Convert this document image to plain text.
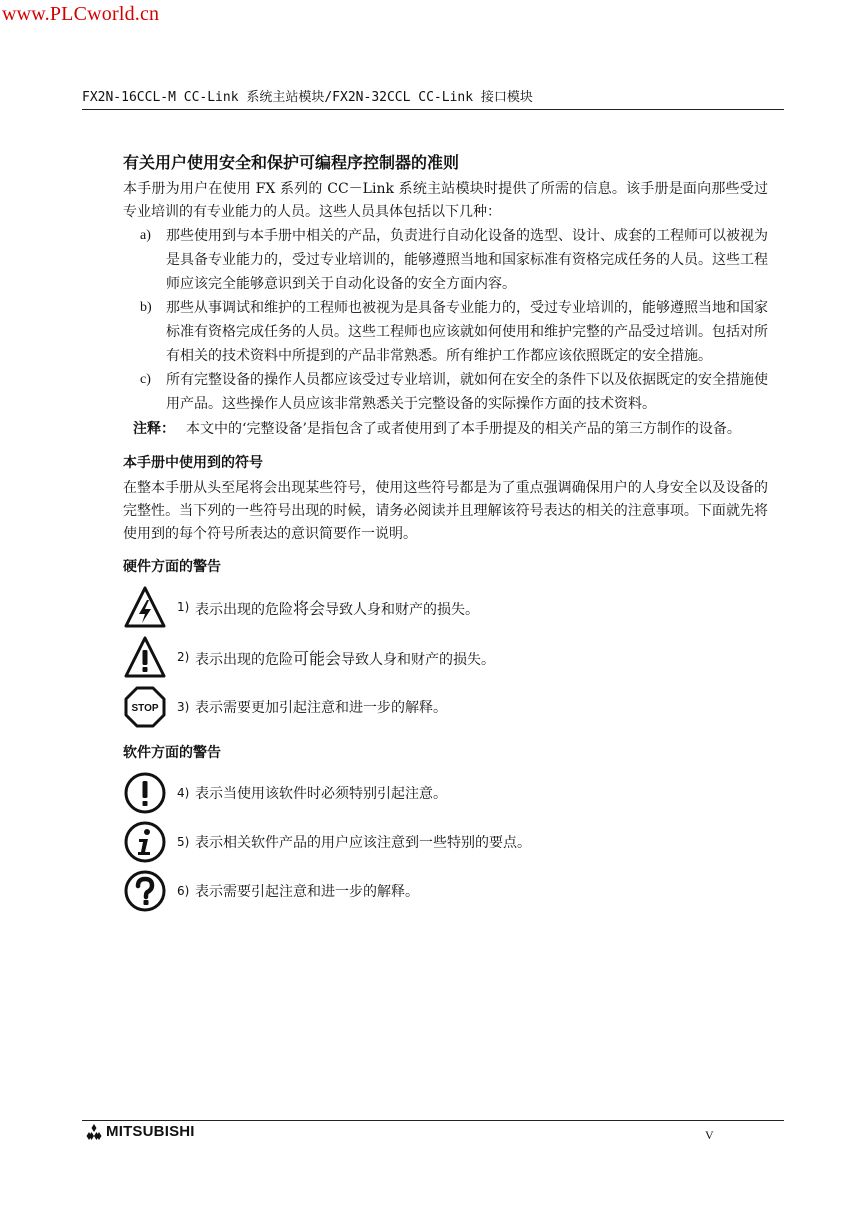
www.PLCworld.cn
FX2N-16CCL-M CC-Link 系统主站模块/FX2N-32CCL CC-Link 接口模块
有关用户使用安全和保护可编程序控制器的准则

本手册为用户在使用 FX 系列的 CC－Link 系统主站模块时提供了所需的信息。该手册是面向那些受过专业培训的有专业能力的人员。这些人员具体包括以下几种：

a) 那些使用到与本手册中相关的产品，负责进行自动化设备的选型、设计、成套的工程师可以被视为是具备专业能力的，受过专业培训的，能够遵照当地和国家标准有资格完成任务的人员。这些工程师应该完全能够意识到关于自动化设备的安全方面内容。
b) 那些从事调试和维护的工程师也被视为是具备专业能力的，受过专业培训的，能够遵照当地和国家标准有资格完成任务的人员。这些工程师也应该就如何使用和维护完整的产品受过培训。包括对所有相关的技术资料中所提到的产品非常熟悉。所有维护工作都应该依照既定的安全措施。
c) 所有完整设备的操作人员都应该受过专业培训，就如何在安全的条件下以及依据既定的安全措施使用产品。这些操作人员应该非常熟悉关于完整设备的实际操作方面的技术资料。
注释： 本文中的‘完整设备’是指包含了或者使用到了本手册提及的相关产品的第三方制作的设备。
本手册中使用到的符号

在整本手册从头至尾将会出现某些符号，使用这些符号都是为了重点强调确保用户的人身安全以及设备的完整性。当下列的一些符号出现的时候，请务必阅读并且理解该符号表达的相关的注意事项。下面就先将使用到的每个符号所表达的意识简要作一说明。

硬件方面的警告
1) 表示出现的危险将会导致人身和财产的损失。
2) 表示出现的危险可能会导致人身和财产的损失。
STOP 3) 表示需要更加引起注意和进一步的解释。
软件方面的警告
4) 表示当使用该软件时必须特别引起注意。
5) 表示相关软件产品的用户应该注意到一些特别的要点。
6) 表示需要引起注意和进一步的解释。
MITSUBISHI	V
